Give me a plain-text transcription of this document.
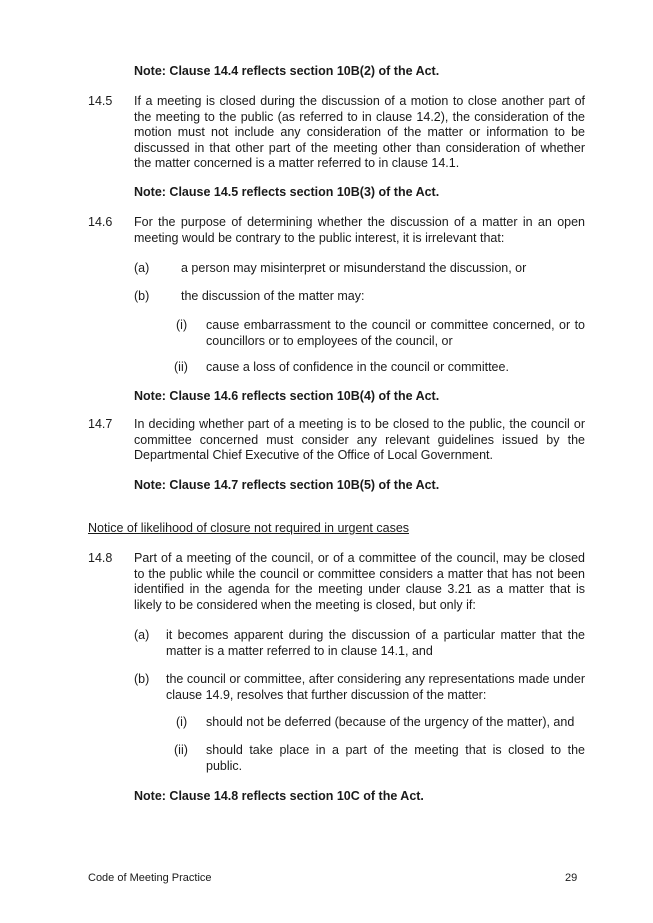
Note: Clause 14.4 reflects section 10B(2) of the Act.
14.5	If a meeting is closed during the discussion of a motion to close another part of the meeting to the public (as referred to in clause 14.2), the consideration of the motion must not include any consideration of the matter or information to be discussed in that other part of the meeting other than consideration of whether the matter concerned is a matter referred to in clause 14.1.
Note: Clause 14.5 reflects section 10B(3) of the Act.
14.6	For the purpose of determining whether the discussion of a matter in an open meeting would be contrary to the public interest, it is irrelevant that:
(a)	a person may misinterpret or misunderstand the discussion, or
(b)	the discussion of the matter may:
(i) cause embarrassment to the council or committee concerned, or to councillors or to employees of the council, or
(ii) cause a loss of confidence in the council or committee.
Note: Clause 14.6 reflects section 10B(4) of the Act.
14.7	In deciding whether part of a meeting is to be closed to the public, the council or committee concerned must consider any relevant guidelines issued by the Departmental Chief Executive of the Office of Local Government.
Note: Clause 14.7 reflects section 10B(5) of the Act.
Notice of likelihood of closure not required in urgent cases
14.8	Part of a meeting of the council, or of a committee of the council, may be closed to the public while the council or committee considers a matter that has not been identified in the agenda for the meeting under clause 3.21 as a matter that is likely to be considered when the meeting is closed, but only if:
(a) it becomes apparent during the discussion of a particular matter that the matter is a matter referred to in clause 14.1, and
(b) the council or committee, after considering any representations made under clause 14.9, resolves that further discussion of the matter:
(i) should not be deferred (because of the urgency of the matter), and
(ii) should take place in a part of the meeting that is closed to the public.
Note: Clause 14.8 reflects section 10C of the Act.
Code of Meeting Practice	29
